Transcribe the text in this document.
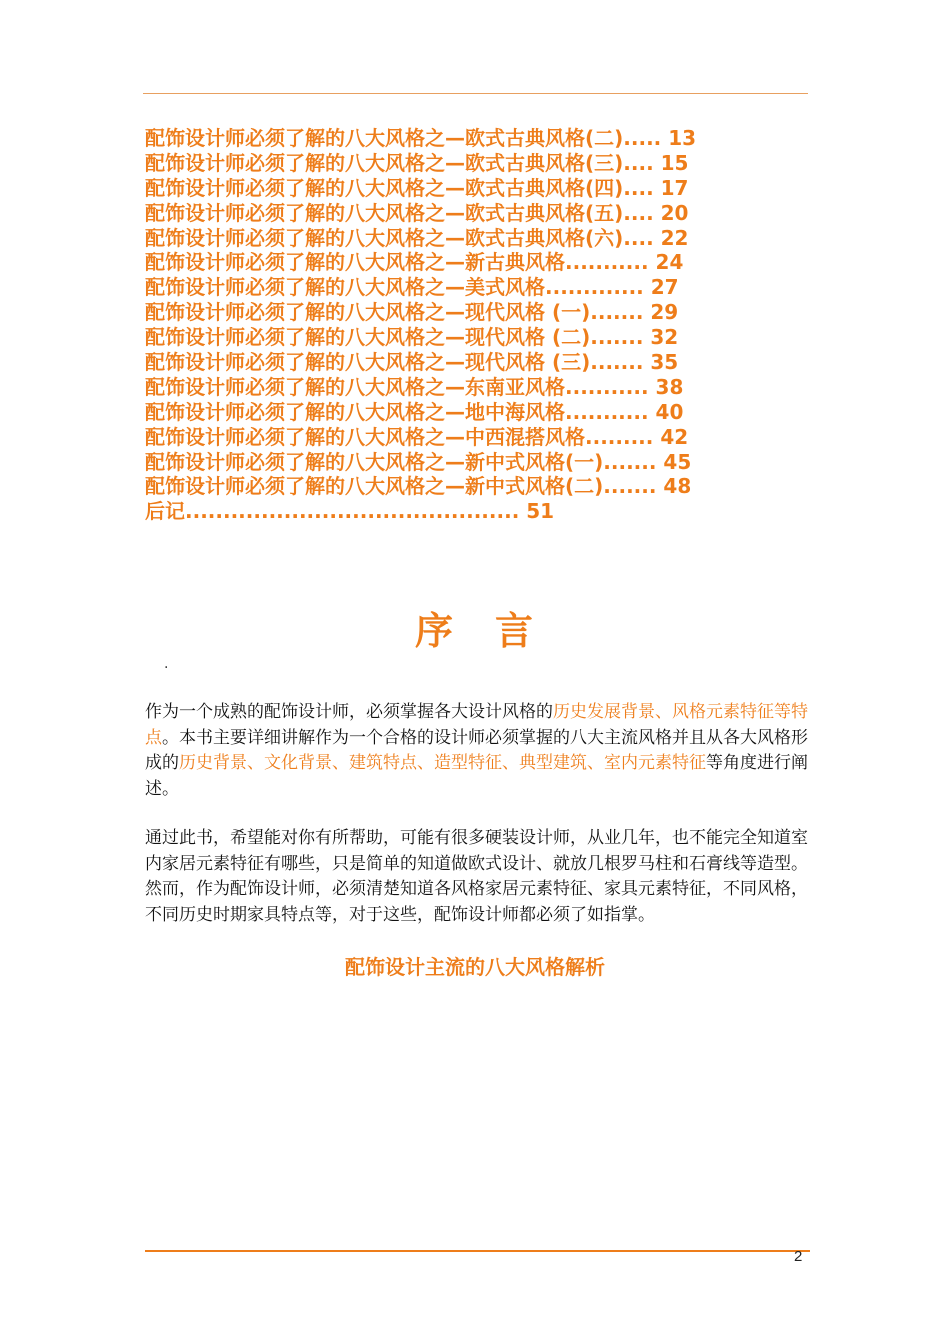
配饰设计师必须了解的八大风格之—欧式古典风格(二)..... 13
配饰设计师必须了解的八大风格之—欧式古典风格(三).... 15
配饰设计师必须了解的八大风格之—欧式古典风格(四).... 17
配饰设计师必须了解的八大风格之—欧式古典风格(五).... 20
配饰设计师必须了解的八大风格之—欧式古典风格(六).... 22
配饰设计师必须了解的八大风格之—新古典风格........... 24
配饰设计师必须了解的八大风格之—美式风格............. 27
配饰设计师必须了解的八大风格之—现代风格 (一)....... 29
配饰设计师必须了解的八大风格之—现代风格 (二)....... 32
配饰设计师必须了解的八大风格之—现代风格 (三)....... 35
配饰设计师必须了解的八大风格之—东南亚风格........... 38
配饰设计师必须了解的八大风格之—地中海风格........... 40
配饰设计师必须了解的八大风格之—中西混搭风格......... 42
配饰设计师必须了解的八大风格之—新中式风格(一)....... 45
配饰设计师必须了解的八大风格之—新中式风格(二)....... 48
后记............................................ 51
序　言
.

作为一个成熟的配饰设计师，必须掌握各大设计风格的历史发展背景、风格元素特征等特点。本书主要详细讲解作为一个合格的设计师必须掌握的八大主流风格并且从各大风格形成的历史背景、文化背景、建筑特点、造型特征、典型建筑、室内元素特征等角度进行阐述。

通过此书，希望能对你有所帮助，可能有很多硬装设计师，从业几年，也不能完全知道室内家居元素特征有哪些，只是简单的知道做欧式设计、就放几根罗马柱和石膏线等造型。然而，作为配饰设计师，必须清楚知道各风格家居元素特征、家具元素特征，不同风格，不同历史时期家具特点等，对于这些，配饰设计师都必须了如指掌。

配饰设计主流的八大风格解析
2
